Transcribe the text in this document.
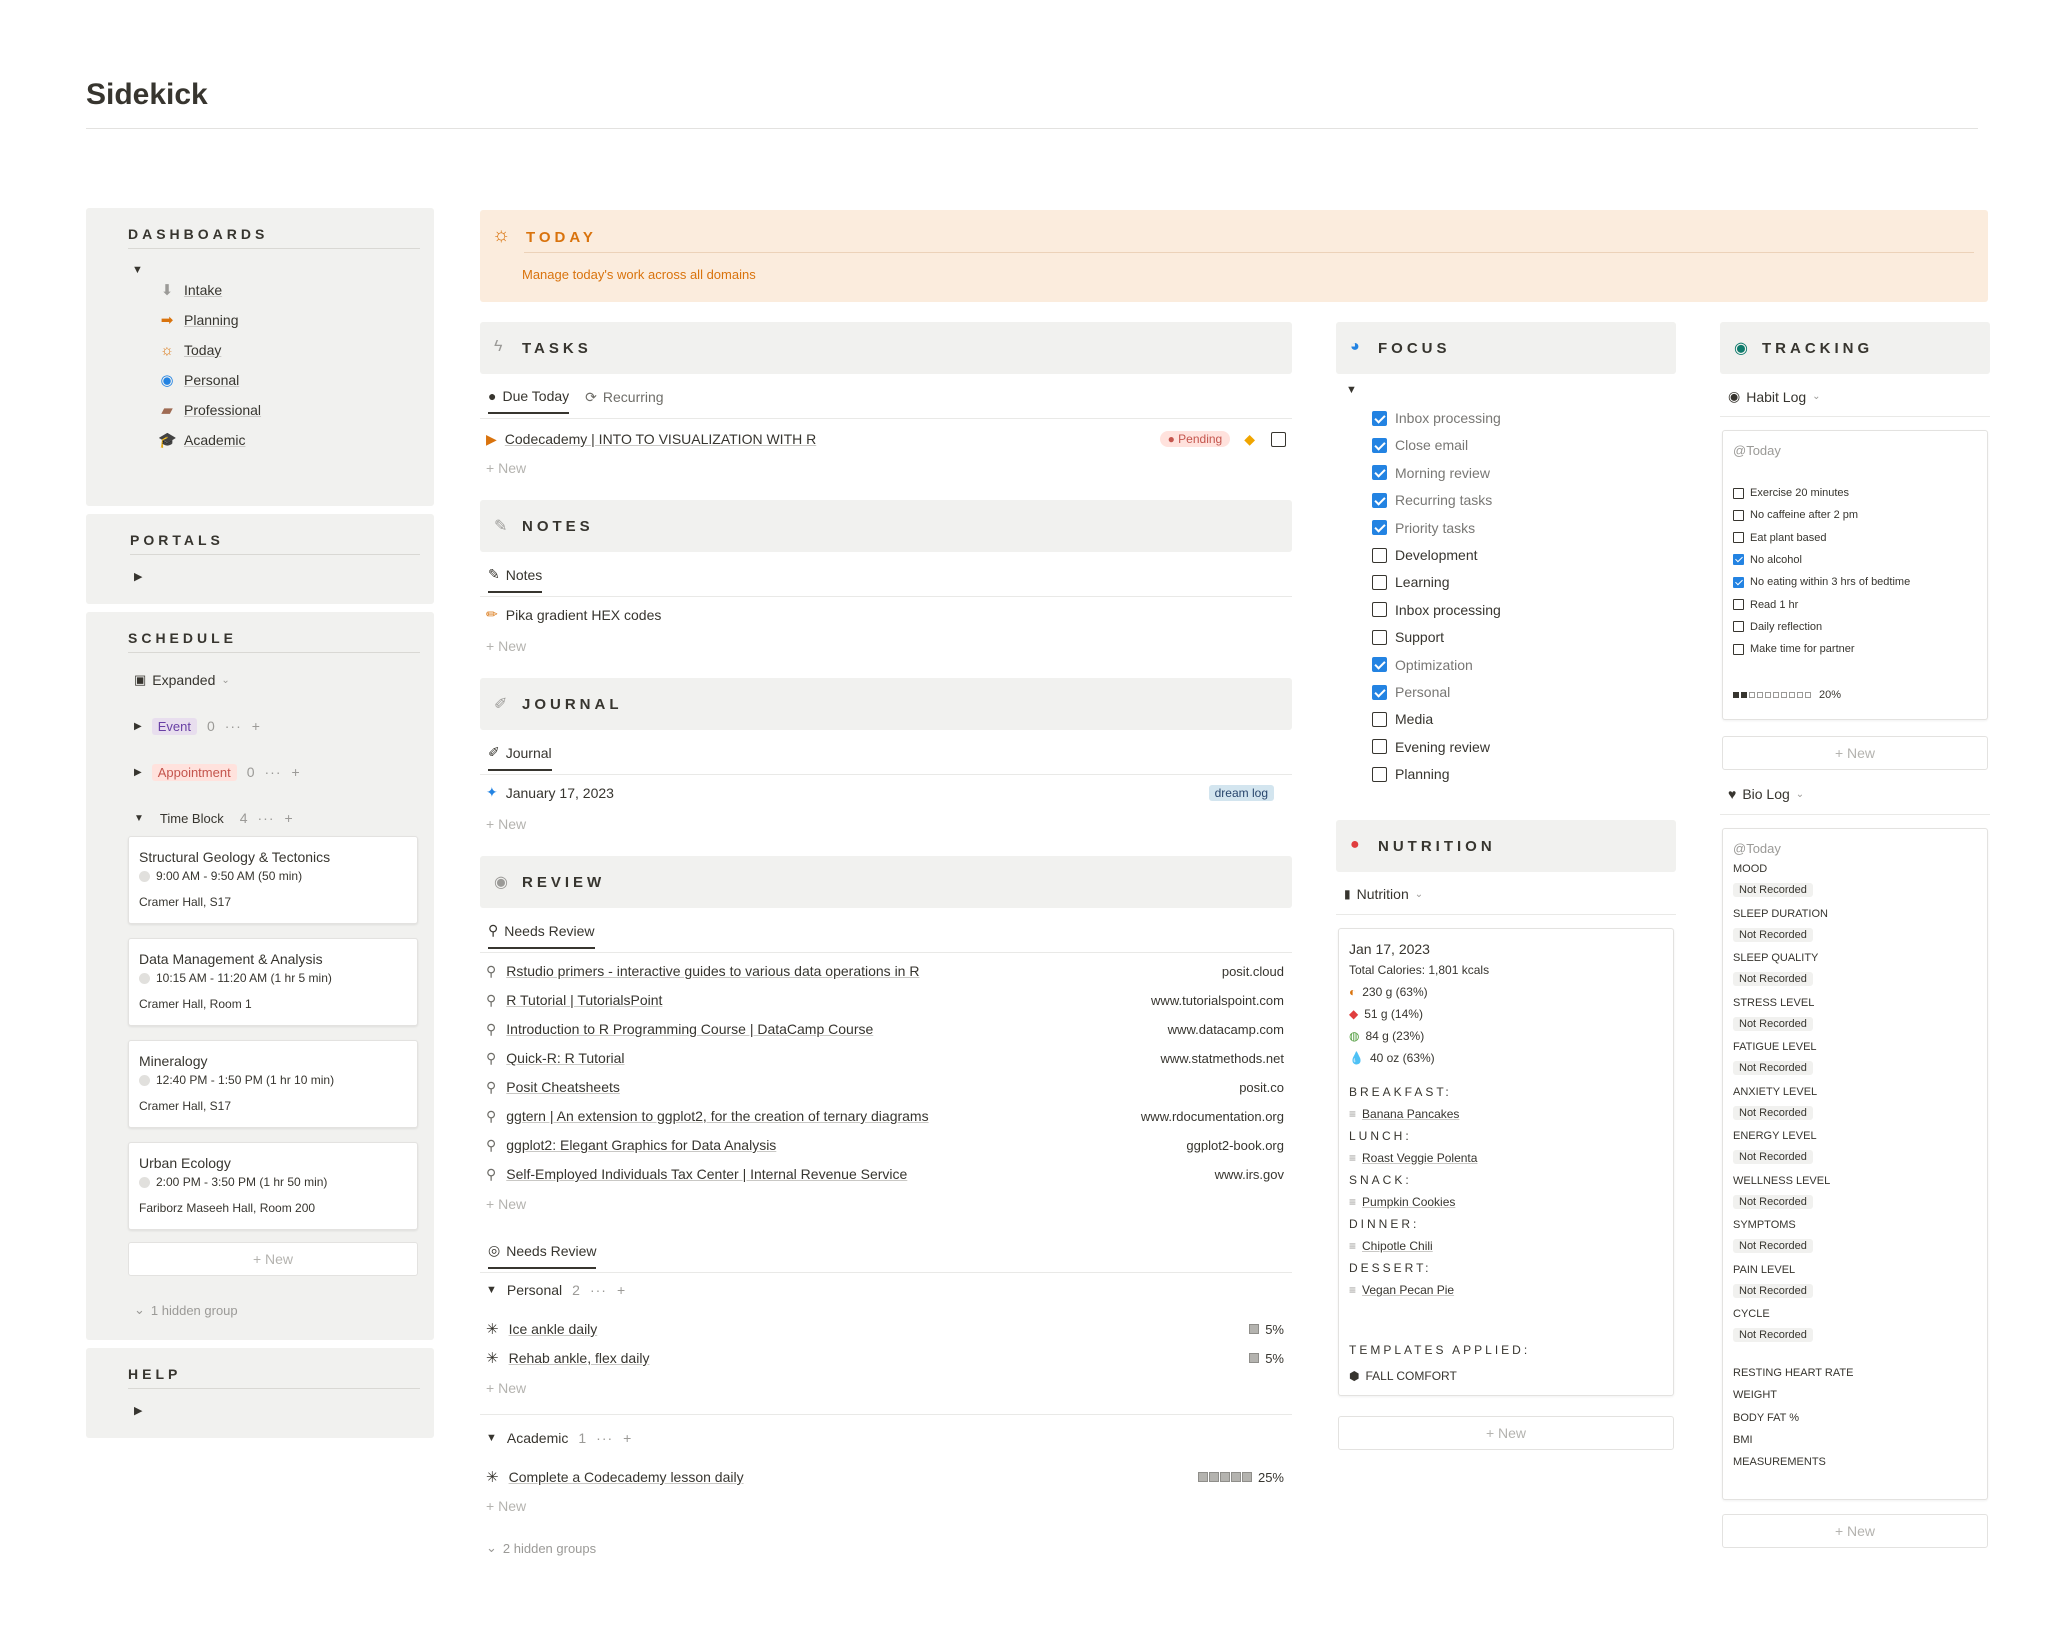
Sidekick
DASHBOARDS
▼
⬇ Intake
➡ Planning
☼ Today
◉ Personal
▰ Professional
🎓 Academic
PORTALS
▶
SCHEDULE
▣ Expanded ⌄
▶	Event	0 ··· +
▶	Appointment	0 ··· +
▼	Time Block	4 ··· +
Structural Geology & Tectonics
9:00 AM - 9:50 AM (50 min)
Cramer Hall, S17
Data Management & Analysis
10:15 AM - 11:20 AM (1 hr 5 min)
Cramer Hall, Room 1
Mineralogy
12:40 PM - 1:50 PM (1 hr 10 min)
Cramer Hall, S17
Urban Ecology
2:00 PM - 3:50 PM (1 hr 50 min)
Fariborz Maseeh Hall, Room 200
+ New
⌄ 1 hidden group
HELP
▶
☼ TODAY
Manage today's work across all domains
ϟ TASKS
● Due Today ⟳ Recurring
▶ Codecademy | INTO TO VISUALIZATION WITH R	● Pending	◆
+ New
✎ NOTES
✎ Notes
✏ Pika gradient HEX codes
+ New
✐ JOURNAL
✐ Journal
✦ January 17, 2023	dream log
+ New
◉ REVIEW
⚲ Needs Review
⚲ Rstudio primers - interactive guides to various data operations in R	posit.cloud
⚲ R Tutorial | TutorialsPoint	www.tutorialspoint.com
⚲ Introduction to R Programming Course | DataCamp Course	www.datacamp.com
⚲ Quick-R: R Tutorial	www.statmethods.net
⚲ Posit Cheatsheets	posit.co
⚲ ggtern | An extension to ggplot2, for the creation of ternary diagrams	www.rdocumentation.org
⚲ ggplot2: Elegant Graphics for Data Analysis	ggplot2-book.org
⚲ Self-Employed Individuals Tax Center | Internal Revenue Service	www.irs.gov
+ New
◎ Needs Review
▼ Personal 2 ··· +
✳ Ice ankle daily	5%
✳ Rehab ankle, flex daily	5%
+ New
▼ Academic 1 ··· +
✳ Complete a Codecademy lesson daily	25%
+ New
⌄ 2 hidden groups
◕ FOCUS
▼
Inbox processing
Close email
Morning review
Recurring tasks
Priority tasks
Development
Learning
Inbox processing
Support
Optimization
Personal
Media
Evening review
Planning
● NUTRITION
▮ Nutrition ⌄
Jan 17, 2023
Total Calories: 1,801 kcals
◐ 230 g (63%)
◆ 51 g (14%)
◍ 84 g (23%)
💧 40 oz (63%)
BREAKFAST:
≡ Banana Pancakes
LUNCH:
≡ Roast Veggie Polenta
SNACK:
≡ Pumpkin Cookies
DINNER:
≡ Chipotle Chili
DESSERT:
≡ Vegan Pecan Pie
TEMPLATES APPLIED:
⬢ FALL COMFORT
+ New
◉ TRACKING
◉ Habit Log ⌄
@Today
Exercise 20 minutes
No caffeine after 2 pm
Eat plant based
No alcohol
No eating within 3 hrs of bedtime
Read 1 hr
Daily reflection
Make time for partner
20%
+ New
♥ Bio Log ⌄
@Today
MOOD
Not Recorded
SLEEP DURATION
Not Recorded
SLEEP QUALITY
Not Recorded
STRESS LEVEL
Not Recorded
FATIGUE LEVEL
Not Recorded
ANXIETY LEVEL
Not Recorded
ENERGY LEVEL
Not Recorded
WELLNESS LEVEL
Not Recorded
SYMPTOMS
Not Recorded
PAIN LEVEL
Not Recorded
CYCLE
Not Recorded
RESTING HEART RATE
WEIGHT
BODY FAT %
BMI
MEASUREMENTS
+ New
